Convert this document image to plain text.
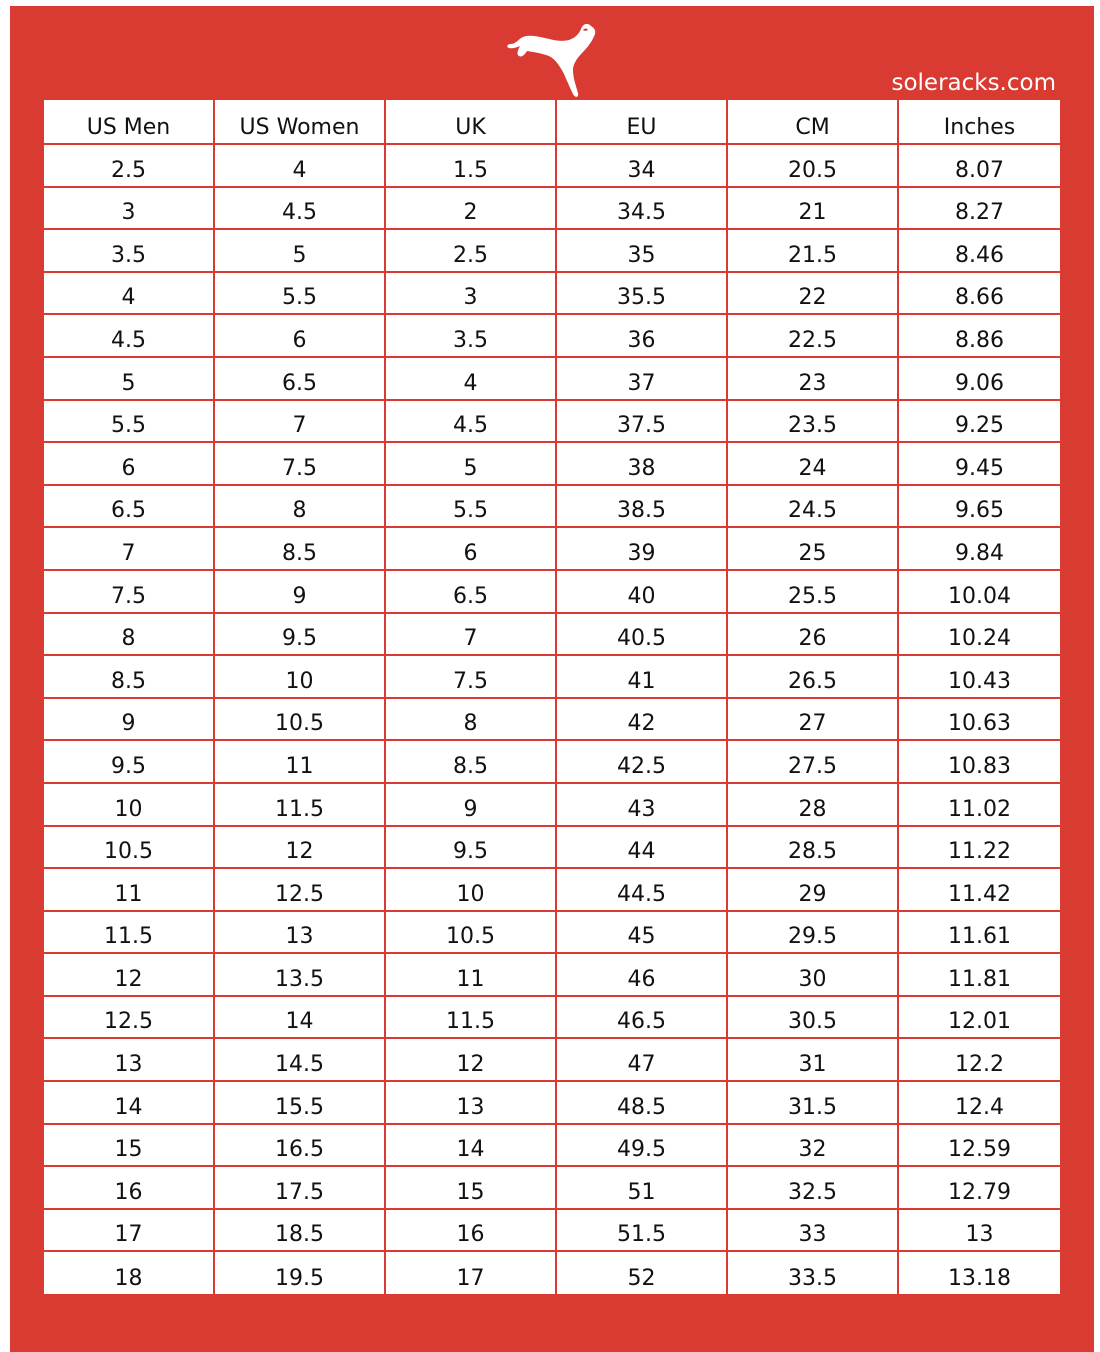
soleracks.com
US Men	US Women	UK	EU	CM	Inches
2.5	4	1.5	34	20.5	8.07
3	4.5	2	34.5	21	8.27
3.5	5	2.5	35	21.5	8.46
4	5.5	3	35.5	22	8.66
4.5	6	3.5	36	22.5	8.86
5	6.5	4	37	23	9.06
5.5	7	4.5	37.5	23.5	9.25
6	7.5	5	38	24	9.45
6.5	8	5.5	38.5	24.5	9.65
7	8.5	6	39	25	9.84
7.5	9	6.5	40	25.5	10.04
8	9.5	7	40.5	26	10.24
8.5	10	7.5	41	26.5	10.43
9	10.5	8	42	27	10.63
9.5	11	8.5	42.5	27.5	10.83
10	11.5	9	43	28	11.02
10.5	12	9.5	44	28.5	11.22
11	12.5	10	44.5	29	11.42
11.5	13	10.5	45	29.5	11.61
12	13.5	11	46	30	11.81
12.5	14	11.5	46.5	30.5	12.01
13	14.5	12	47	31	12.2
14	15.5	13	48.5	31.5	12.4
15	16.5	14	49.5	32	12.59
16	17.5	15	51	32.5	12.79
17	18.5	16	51.5	33	13
18	19.5	17	52	33.5	13.18
